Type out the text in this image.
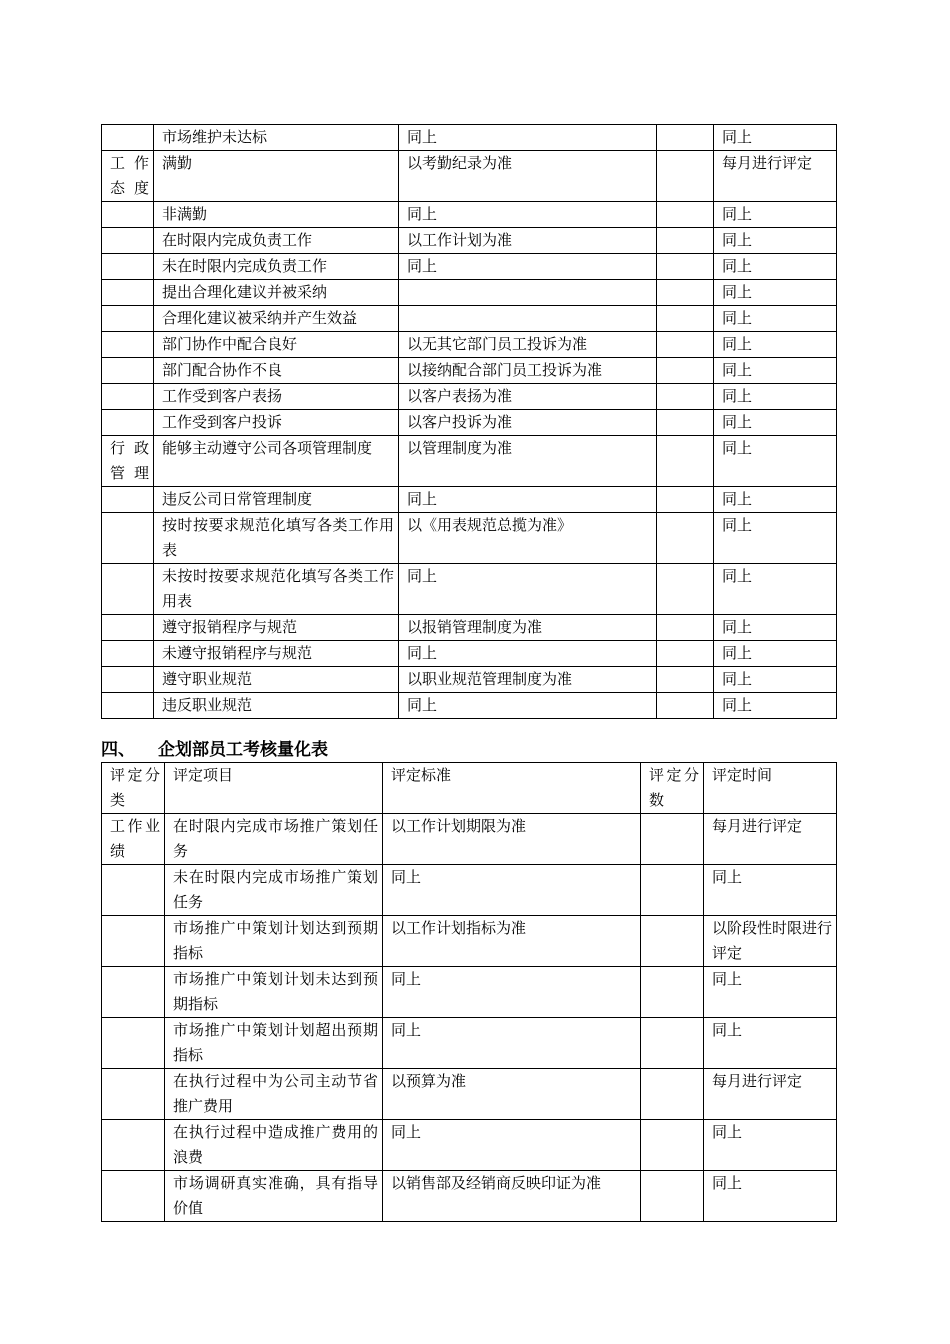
	市场维护未达标	同上		同上
工作态度	满勤	以考勤纪录为准		每月进行评定
	非满勤	同上		同上
	在时限内完成负责工作	以工作计划为准		同上
	未在时限内完成负责工作	同上		同上
	提出合理化建议并被采纳			同上
	合理化建议被采纳并产生效益			同上
	部门协作中配合良好	以无其它部门员工投诉为准		同上
	部门配合协作不良	以接纳配合部门员工投诉为准		同上
	工作受到客户表扬	以客户表扬为准		同上
	工作受到客户投诉	以客户投诉为准		同上
行政管理	能够主动遵守公司各项管理制度	以管理制度为准		同上
	违反公司日常管理制度	同上		同上
	按时按要求规范化填写各类工作用表	以《用表规范总揽为准》		同上
	未按时按要求规范化填写各类工作用表	同上		同上
	遵守报销程序与规范	以报销管理制度为准		同上
	未遵守报销程序与规范	同上		同上
	遵守职业规范	以职业规范管理制度为准		同上
	违反职业规范	同上		同上
四、 企划部员工考核量化表
评定分类	评定项目	评定标准	评定分数	评定时间
工作业绩	在时限内完成市场推广策划任务	以工作计划期限为准		每月进行评定
	未在时限内完成市场推广策划任务	同上		同上
	市场推广中策划计划达到预期指标	以工作计划指标为准		以阶段性时限进行评定
	市场推广中策划计划未达到预期指标	同上		同上
	市场推广中策划计划超出预期指标	同上		同上
	在执行过程中为公司主动节省推广费用	以预算为准		每月进行评定
	在执行过程中造成推广费用的浪费	同上		同上
	市场调研真实准确，具有指导价值	以销售部及经销商反映印证为准		同上
